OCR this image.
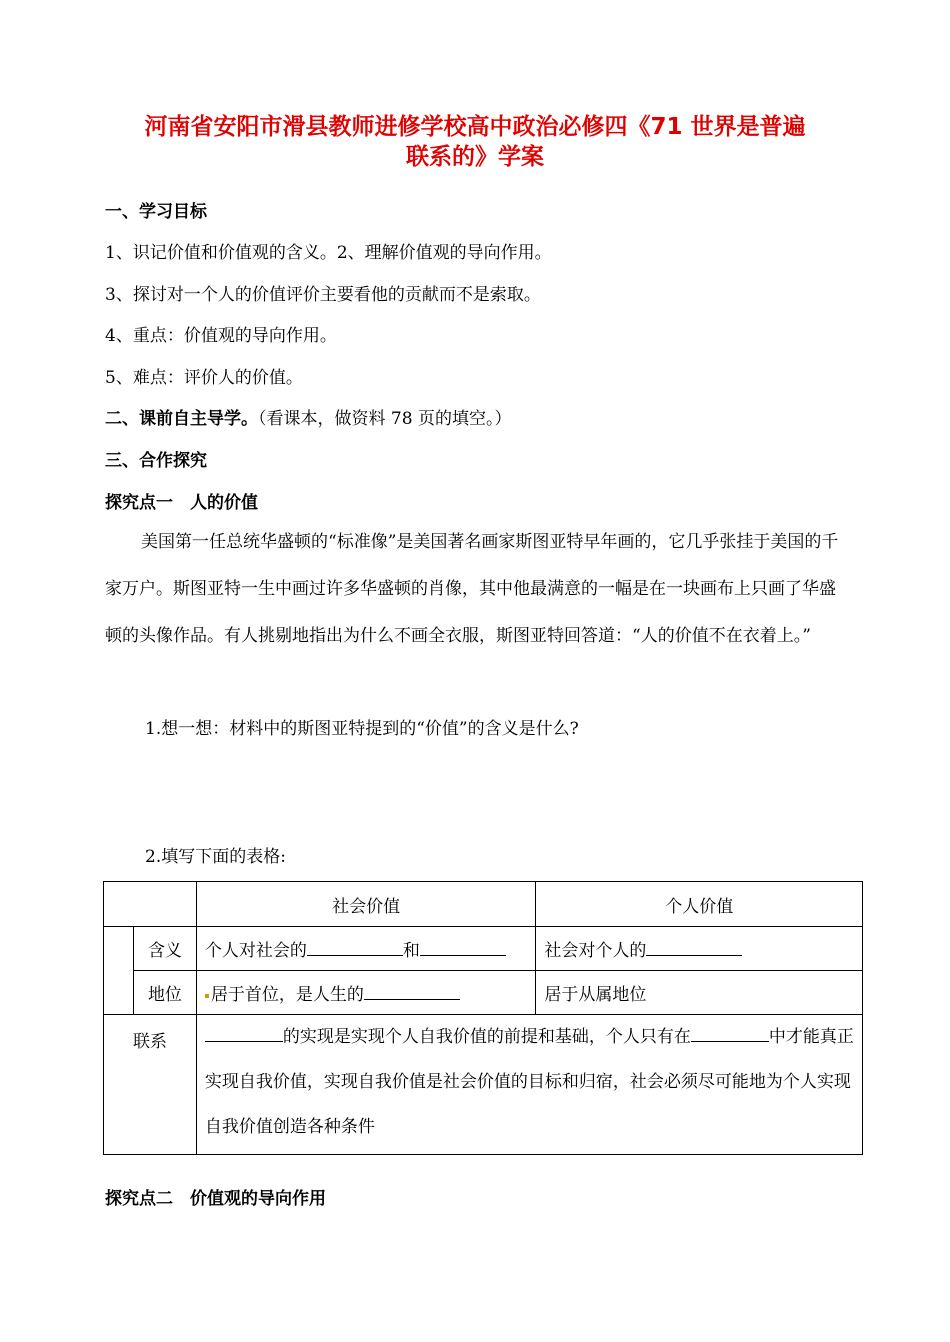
河南省安阳市滑县教师进修学校高中政治必修四《71 世界是普遍
联系的》学案
一、学习目标
1、识记价值和价值观的含义。2、理解价值观的导向作用。
3、探讨对一个人的价值评价主要看他的贡献而不是索取。
4、重点：价值观的导向作用。
5、难点：评价人的价值。
二、课前自主导学。（看课本，做资料 78 页的填空。）
三、合作探究
探究点一　人的价值
美国第一任总统华盛顿的“标准像”是美国著名画家斯图亚特早年画的，它几乎张挂于美国的千家万户。斯图亚特一生中画过许多华盛顿的肖像，其中他最满意的一幅是在一块画布上只画了华盛顿的头像作品。有人挑剔地指出为什么不画全衣服，斯图亚特回答道：“人的价值不在衣着上。”
1.想一想：材料中的斯图亚特提到的“价值”的含义是什么?
2.填写下面的表格:
		社会价值	个人价值
	含义	个人对社会的 和	社会对个人的
	地位	居于首位，是人生的	居于从属地位
联系		的实现是实现个人自我价值的前提和基础，个人只有在 中才能真正实现自我价值，实现自我价值是社会价值的目标和归宿，社会必须尽可能地为个人实现自我价值创造各种条件	
探究点二　价值观的导向作用
